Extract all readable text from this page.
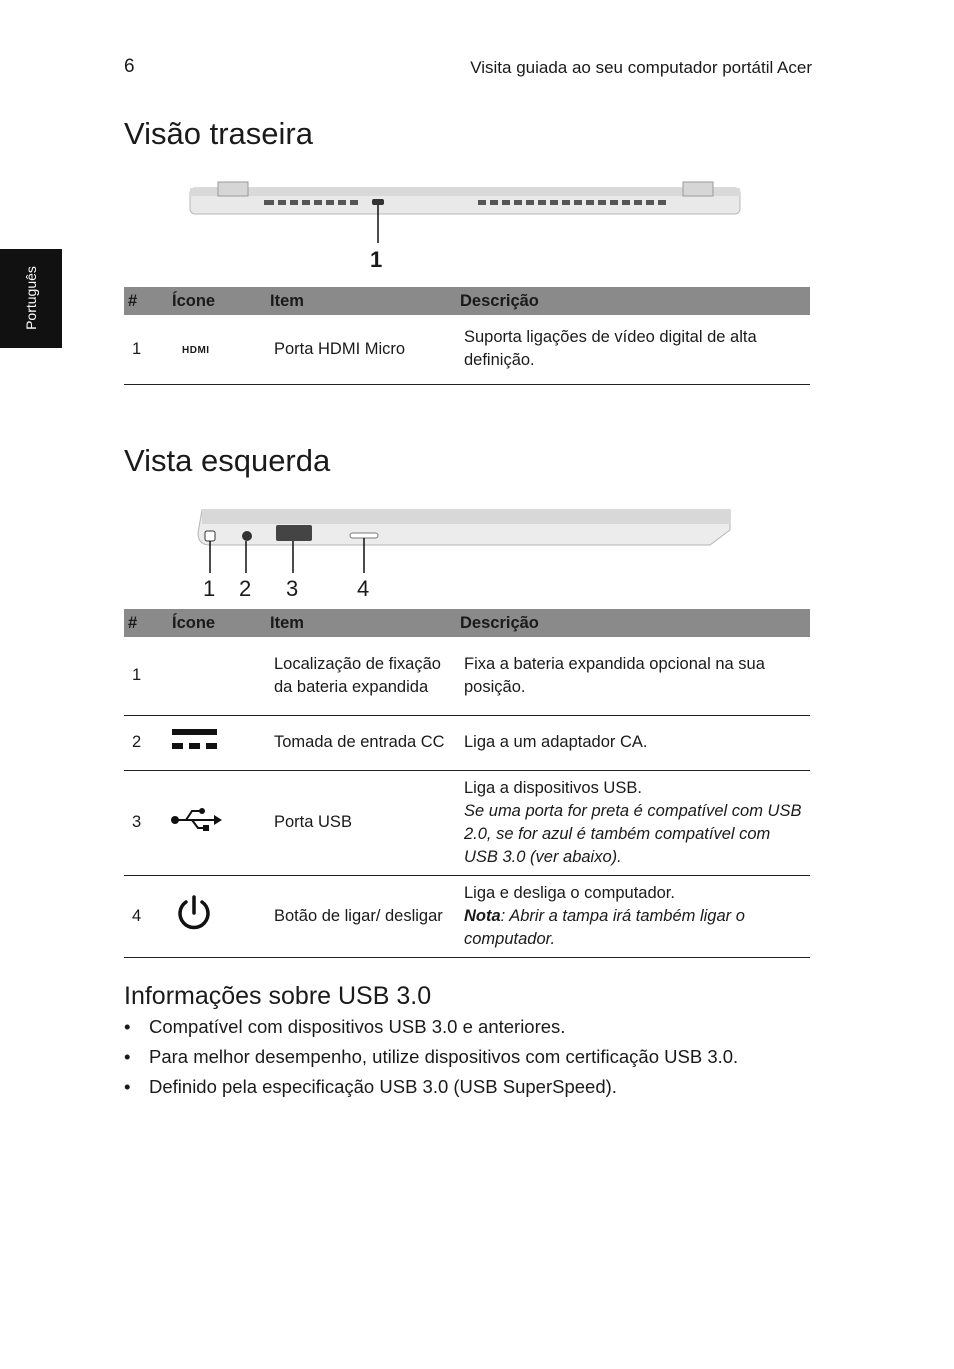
6	Visita guiada ao seu computador portátil Acer
Português
Visão traseira
1
#	Ícone	Item	Descrição
1	HDMI	Porta HDMI Micro	Suporta ligações de vídeo digital de alta definição.
Vista esquerda
1 2 3	4
#	Ícone	Item	Descrição
1		Localização de fixação da bateria expandida	Fixa a bateria expandida opcional na sua posição.
2		Tomada de entrada CC	Liga a um adaptador CA.
3		Porta USB	Liga a dispositivos USB.
Se uma porta for preta é compatível com USB 2.0, se for azul é também compatível com USB 3.0 (ver abaixo).

4		Botão de ligar/ desligar	Liga e desliga o computador.
Nota: Abrir a tampa irá também ligar o computador.
Informações sobre USB 3.0
• Compatível com dispositivos USB 3.0 e anteriores.
• Para melhor desempenho, utilize dispositivos com certificação USB 3.0.
• Definido pela especificação USB 3.0 (USB SuperSpeed).
